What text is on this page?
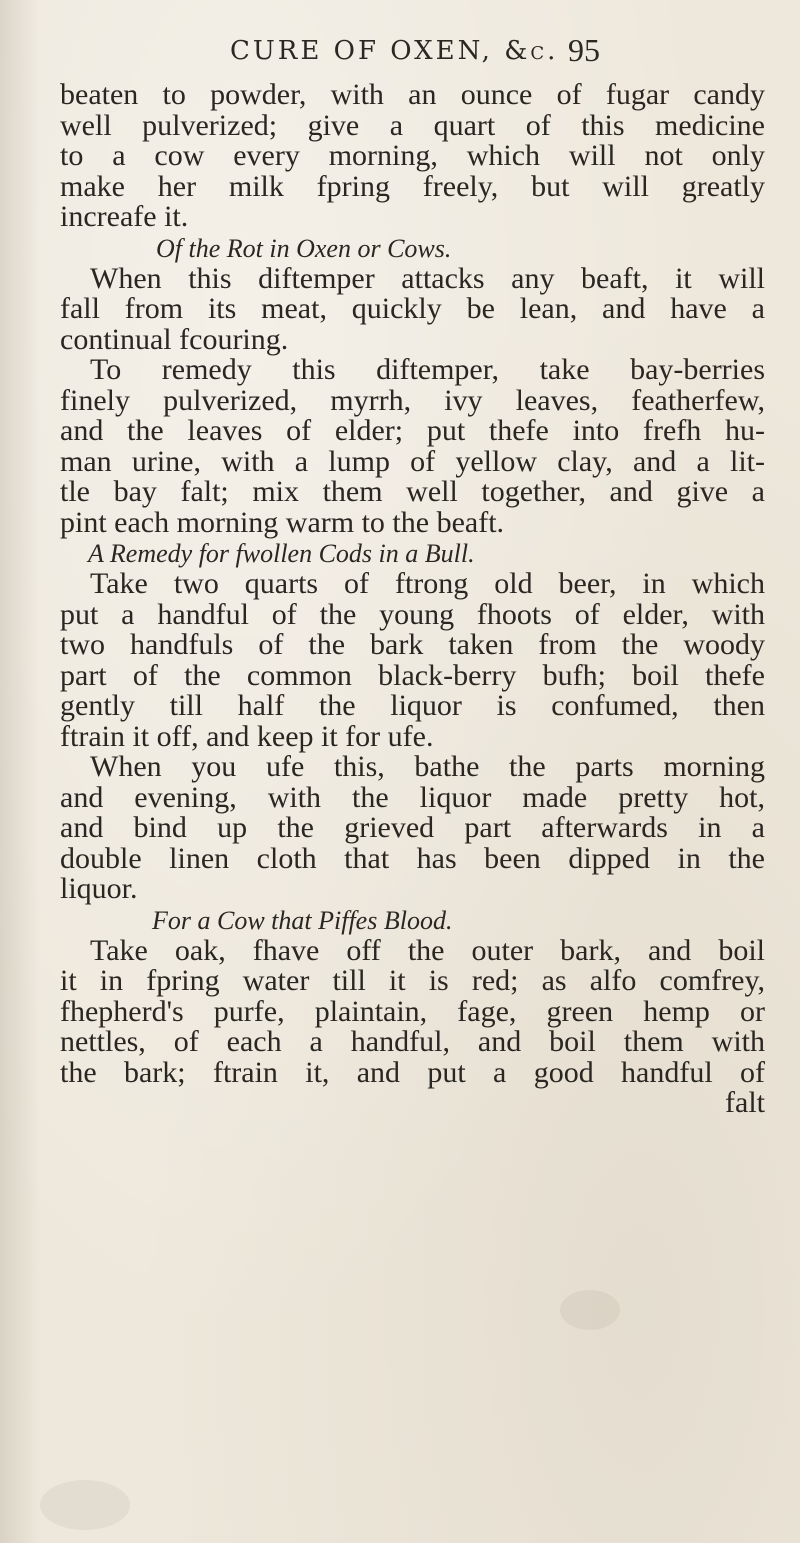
CURE OF OXEN, &c. 95
beaten to powder, with an ounce of fugar candy
well pulverized; give a quart of this medicine
to a cow every morning, which will not only
make her milk fpring freely, but will greatly
increafe it.
Of the Rot in Oxen or Cows.
When this diftemper attacks any beaft, it will
fall from its meat, quickly be lean, and have a
continual fcouring.
To remedy this diftemper, take bay-berries
finely pulverized, myrrh, ivy leaves, featherfew,
and the leaves of elder; put thefe into frefh hu-
man urine, with a lump of yellow clay, and a lit-
tle bay falt; mix them well together, and give a
pint each morning warm to the beaft.
A Remedy for fwollen Cods in a Bull.
Take two quarts of ftrong old beer, in which
put a handful of the young fhoots of elder, with
two handfuls of the bark taken from the woody
part of the common black-berry bufh; boil thefe
gently till half the liquor is confumed, then
ftrain it off, and keep it for ufe.
When you ufe this, bathe the parts morning
and evening, with the liquor made pretty hot,
and bind up the grieved part afterwards in a
double linen cloth that has been dipped in the
liquor.
For a Cow that Piffes Blood.
Take oak, fhave off the outer bark, and boil
it in fpring water till it is red; as alfo comfrey,
fhepherd's purfe, plaintain, fage, green hemp or
nettles, of each a handful, and boil them with
the bark; ftrain it, and put a good handful of
falt
